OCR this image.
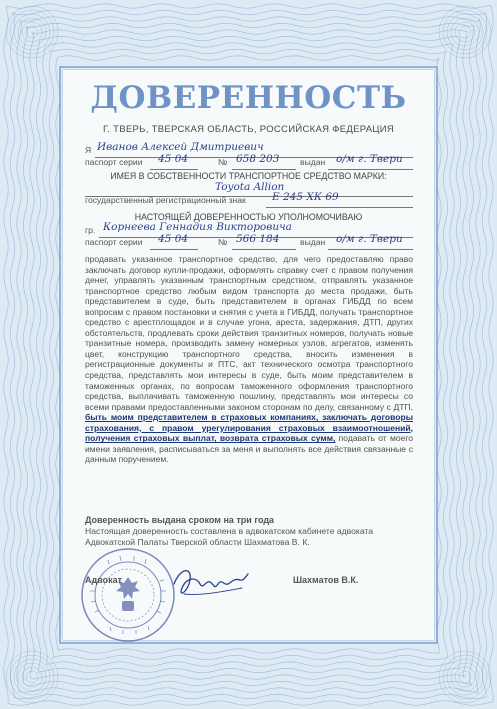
ДОВЕРЕННОСТЬ
Г. ТВЕРЬ, ТВЕРСКАЯ ОБЛАСТЬ, РОССИЙСКАЯ ФЕДЕРАЦИЯ
Я Иванов Алексей Дмитриевич
паспорт серии 45 04	№ 658 203 выдан о/м г. Твери
ИМЕЯ В СОБСТВЕННОСТИ ТРАНСПОРТНОЕ СРЕДСТВО МАРКИ:
Toyota Allion
государственный регистрационный знак Е 245 ХК 69
НАСТОЯЩЕЙ ДОВЕРЕННОСТЬЮ УПОЛНОМОЧИВАЮ
гр. Корнеева Геннадия Викторовича
паспорт серии 45 04	№ 566 184 выдан о/м г. Твери

продавать указанное транспортное средство, для чего предоставляю право заключать договор купли-продажи, оформлять справку счет с правом получения денег, управлять указанным транспортным средством, отправлять указанное транспортное средство любым видом транспорта до места продажи, быть представителем в суде, быть представителем в органах ГИБДД по всем вопросам с правом постановки и снятия с учета в ГИБДД, получать транспортное средство с арестплощадок и в случае угона, ареста, задержания, ДТП, других обстоятельств, продлевать сроки действия транзитных номеров, получать новые транзитные номера, производить замену номерных узлов, агрегатов, изменять цвет, конструкцию транспортного средства, вносить изменения в регистрационные документы и ПТС, акт технического осмотра транспортного средства, представлять мои интересы в суде, быть моим представителем в таможенных органах, по вопросам таможенного оформления транспортного средства, выплачивать таможенную пошлину, представлять мои интересы со всеми правами предоставленными законом сторонам по делу, связанному с ДТП, быть моим представителем в страховых компаниях, заключать договоры страхования, с правом урегулирования страховых взаимоотношений, получения страховых выплат, возврата страховых сумм, подавать от моего имени заявления, расписываться за меня и выполнять все действия связанные с данным поручением.

Доверенность выдана сроком на три года
Настоящая доверенность составлена в адвокатском кабинете адвоката Адвокатской Палаты Тверской области Шахматова В. К.
Адвокат	Шахматов В.К.
